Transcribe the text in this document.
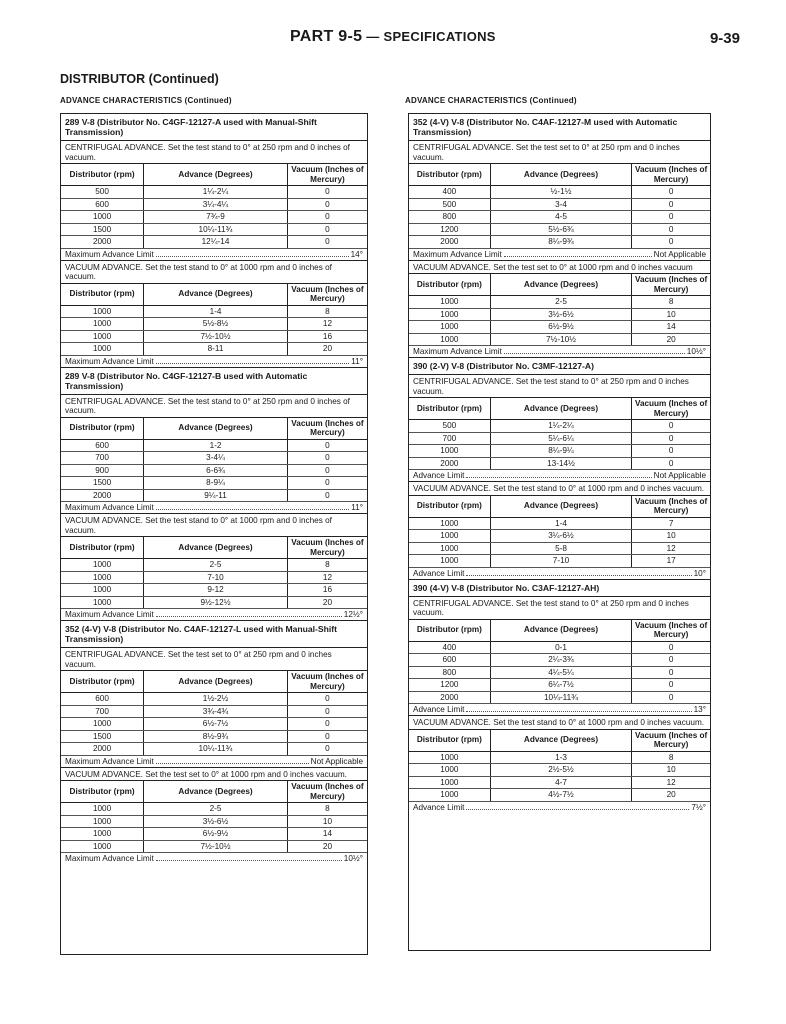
PART 9-5 — SPECIFICATIONS	9-39
DISTRIBUTOR (Continued)
ADVANCE CHARACTERISTICS (Continued)	ADVANCE CHARACTERISTICS (Continued)
289 V-8 (Distributor No. C4GF-12127-A used with Manual-Shift Transmission)
CENTRIFUGAL ADVANCE. Set the test stand to 0° at 250 rpm and 0 inches of vacuum.
Distributor (rpm)	Advance (Degrees)	Vacuum (Inches of Mercury)
500	1¼-2¼	0
600	3¼-4¼	0
1000	7¾-9	0
1500	10¼-11¾	0
2000	12¼-14	0
Maximum Advance Limit	14°
VACUUM ADVANCE. Set the test stand to 0° at 1000 rpm and 0 inches of vacuum.
Distributor (rpm)	Advance (Degrees)	Vacuum (Inches of Mercury)
1000	1-4	8
1000	5½-8½	12
1000	7½-10½	16
1000	8-11	20
Maximum Advance Limit	11°
289 V-8 (Distributor No. C4GF-12127-B used with Automatic Transmission)
CENTRIFUGAL ADVANCE. Set the test stand to 0° at 250 rpm and 0 inches of vacuum.
Distributor (rpm)	Advance (Degrees)	Vacuum (Inches of Mercury)
600	1-2	0
700	3-4¼	0
900	6-6¾	0
1500	8-9¼	0
2000	9¼-11	0
Maximum Advance Limit	11°
VACUUM ADVANCE. Set the test stand to 0° at 1000 rpm and 0 inches of vacuum.
Distributor (rpm)	Advance (Degrees)	Vacuum (Inches of Mercury)
1000	2-5	8
1000	7-10	12
1000	9-12	16
1000	9½-12½	20
Maximum Advance Limit	12½°
352 (4-V) V-8 (Distributor No. C4AF-12127-L used with Manual-Shift Transmission)
CENTRIFUGAL ADVANCE. Set the test set to 0° at 250 rpm and 0 inches vacuum.
Distributor (rpm)	Advance (Degrees)	Vacuum (Inches of Mercury)
600	1½-2½	0
700	3¾-4¾	0
1000	6½-7½	0
1500	8½-9¾	0
2000	10¼-11¾	0
Maximum Advance Limit	Not Applicable
VACUUM ADVANCE. Set the test set to 0° at 1000 rpm and 0 inches vacuum.
Distributor (rpm)	Advance (Degrees)	Vacuum (Inches of Mercury)
1000	2-5	8
1000	3½-6½	10
1000	6½-9½	14
1000	7½-10½	20
Maximum Advance Limit	10½°
352 (4-V) V-8 (Distributor No. C4AF-12127-M used with Automatic Transmission)
CENTRIFUGAL ADVANCE. Set the test set to 0° at 250 rpm and 0 inches vacuum.
Distributor (rpm)	Advance (Degrees)	Vacuum (Inches of Mercury)
400	½-1½	0
500	3-4	0
800	4-5	0
1200	5½-6¾	0
2000	8¼-9¾	0
Maximum Advance Limit	Not Applicable
VACUUM ADVANCE. Set the test set to 0° at 1000 rpm and 0 inches vacuum
Distributor (rpm)	Advance (Degrees)	Vacuum (Inches of Mercury)
1000	2-5	8
1000	3½-6½	10
1000	6½-9½	14
1000	7½-10½	20
Maximum Advance Limit	10½°
390 (2-V) V-8 (Distributor No. C3MF-12127-A)
CENTRIFUGAL ADVANCE. Set the test stand to 0° at 250 rpm and 0 inches vacuum.
Distributor (rpm)	Advance (Degrees)	Vacuum (Inches of Mercury)
500	1¼-2¼	0
700	5¼-6¼	0
1000	8¼-9¼	0
2000	13-14½	0
Advance Limit	Not Applicable
VACUUM ADVANCE. Set the test stand to 0° at 1000 rpm and 0 inches vacuum.
Distributor (rpm)	Advance (Degrees)	Vacuum (Inches of Mercury)
1000	1-4	7
1000	3¼-6½	10
1000	5-8	12
1000	7-10	17
Advance Limit	10°
390 (4-V) V-8 (Distributor No. C3AF-12127-AH)
CENTRIFUGAL ADVANCE. Set the test stand to 0° at 250 rpm and 0 inches vacuum.
Distributor (rpm)	Advance (Degrees)	Vacuum (Inches of Mercury)
400	0-1	0
600	2¼-3¾	0
800	4¼-5¼	0
1200	6¼-7½	0
2000	10¼-11¾	0
Advance Limit	13°
VACUUM ADVANCE. Set the test stand to 0° at 1000 rpm and 0 inches vacuum.
Distributor (rpm)	Advance (Degrees)	Vacuum (Inches of Mercury)
1000	1-3	8
1000	2½-5½	10
1000	4-7	12
1000	4½-7½	20
Advance Limit	7½°
